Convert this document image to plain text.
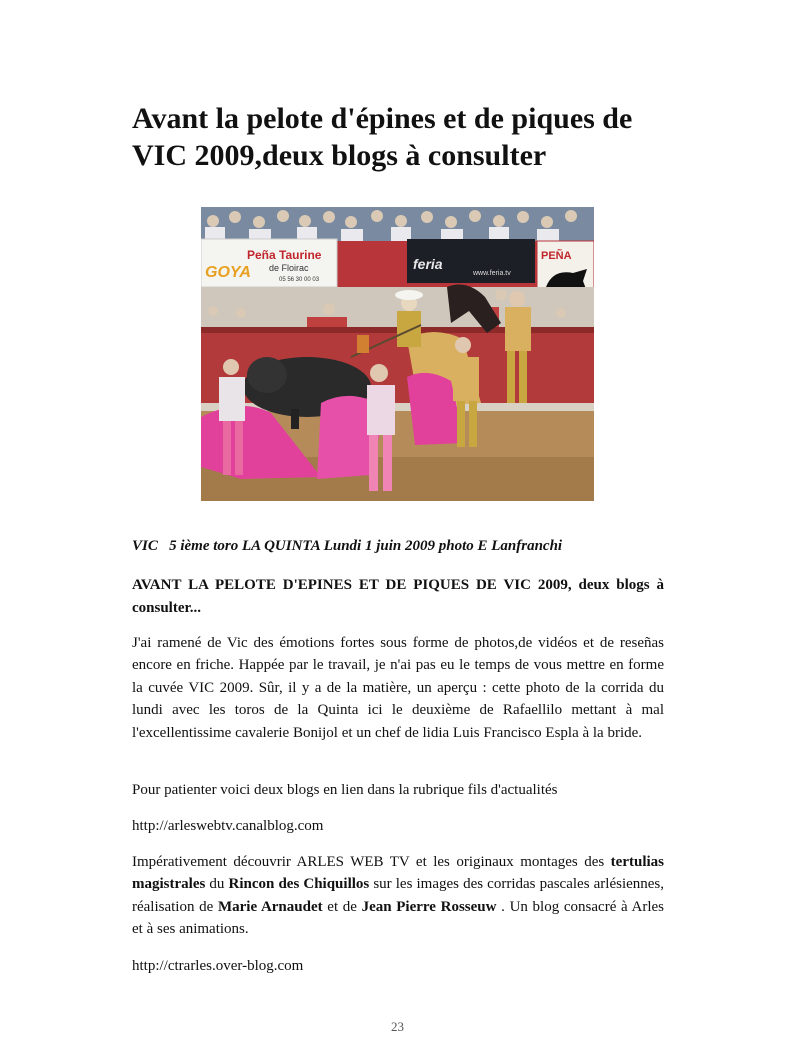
Avant la pelote d'épines et de piques de VIC 2009,deux blogs à consulter
Peña Taurine
de Floirac
05 56 30 00 03
GOYA	feria
www.feria.tv
PEÑA
VIC   5 ième toro LA QUINTA Lundi 1 juin 2009 photo E Lanfranchi

AVANT LA PELOTE D'EPINES ET DE PIQUES DE VIC 2009, deux blogs à consulter...

J'ai ramené de Vic des émotions fortes sous forme de photos,de vidéos et de reseñas encore en friche. Happée par le travail, je n'ai pas eu le temps de vous mettre en forme la cuvée VIC 2009. Sûr, il y a de la matière, un aperçu : cette photo de la corrida du lundi avec les toros de la Quinta ici le deuxième de Rafaellilo mettant à mal l'excellentissime cavalerie Bonijol et un chef de lidia Luis Francisco Espla à la bride.

Pour patienter voici deux blogs en lien dans la rubrique fils d'actualités

http://arleswebtv.canalblog.com

Impérativement découvrir ARLES WEB TV et les originaux montages des tertulias magistrales du Rincon des Chiquillos sur les images des corridas pascales arlésiennes, réalisation de Marie Arnaudet et de Jean Pierre Rosseuw . Un blog consacré à Arles et à ses animations.

http://ctrarles.over-blog.com

23
